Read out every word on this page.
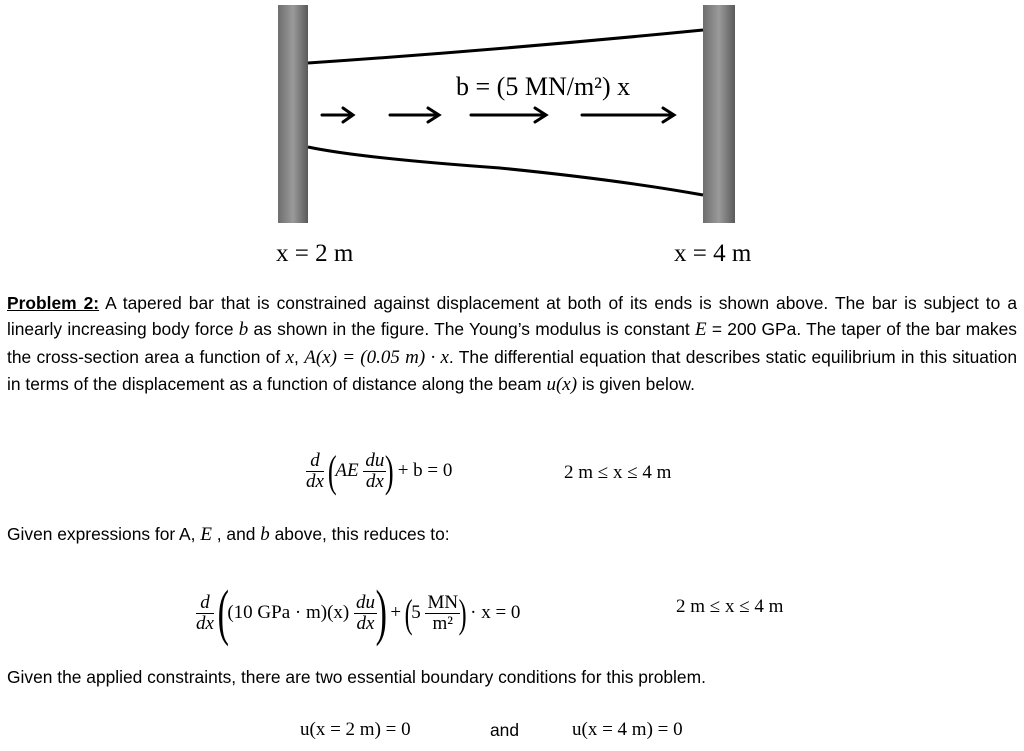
b = (5 MN/m²) x
x = 2 m	x = 4 m
Problem 2: A tapered bar that is constrained against displacement at both of its ends is shown above. The bar is subject to a linearly increasing body force b as shown in the figure. The Young’s modulus is constant E = 200 GPa. The taper of the bar makes the cross-section area a function of x, A(x) = (0.05 m) · x. The differential equation that describes static equilibrium in this situation in terms of the displacement as a function of distance along the beam u(x) is given below.
$\frac{d}{dx} (AE \frac{du}{dx}$
) + b = 0	2 m ≤ x ≤ 4 m
Given expressions for A, E , and b above, this reduces to:
$\frac{d}{dx} ((10$ GPa · $m)(x) \frac{du}{dx}$
) + ($5 \frac{MN}{\text{m²}}$
) · x = 0	2 m ≤ x ≤ 4 m
Given the applied constraints, there are two essential boundary conditions for this problem.
u(x = 2 m) = 0	and	u(x = 4 m) = 0
